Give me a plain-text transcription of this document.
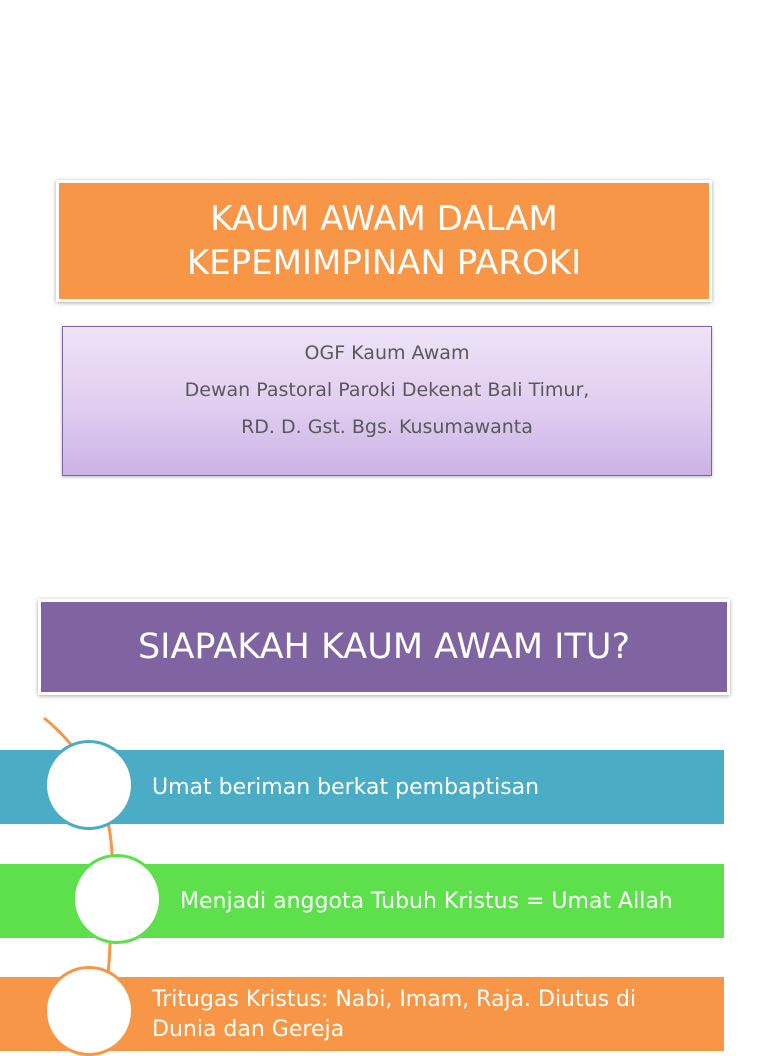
KAUM AWAM DALAM
KEPEMIMPINAN PAROKI
OGF Kaum Awam
Dewan Pastoral Paroki Dekenat Bali Timur,
RD. D. Gst. Bgs. Kusumawanta
SIAPAKAH KAUM AWAM ITU?
Umat beriman berkat pembaptisan
Menjadi anggota Tubuh Kristus = Umat Allah
Tritugas Kristus: Nabi, Imam, Raja. Diutus di Dunia dan Gereja
